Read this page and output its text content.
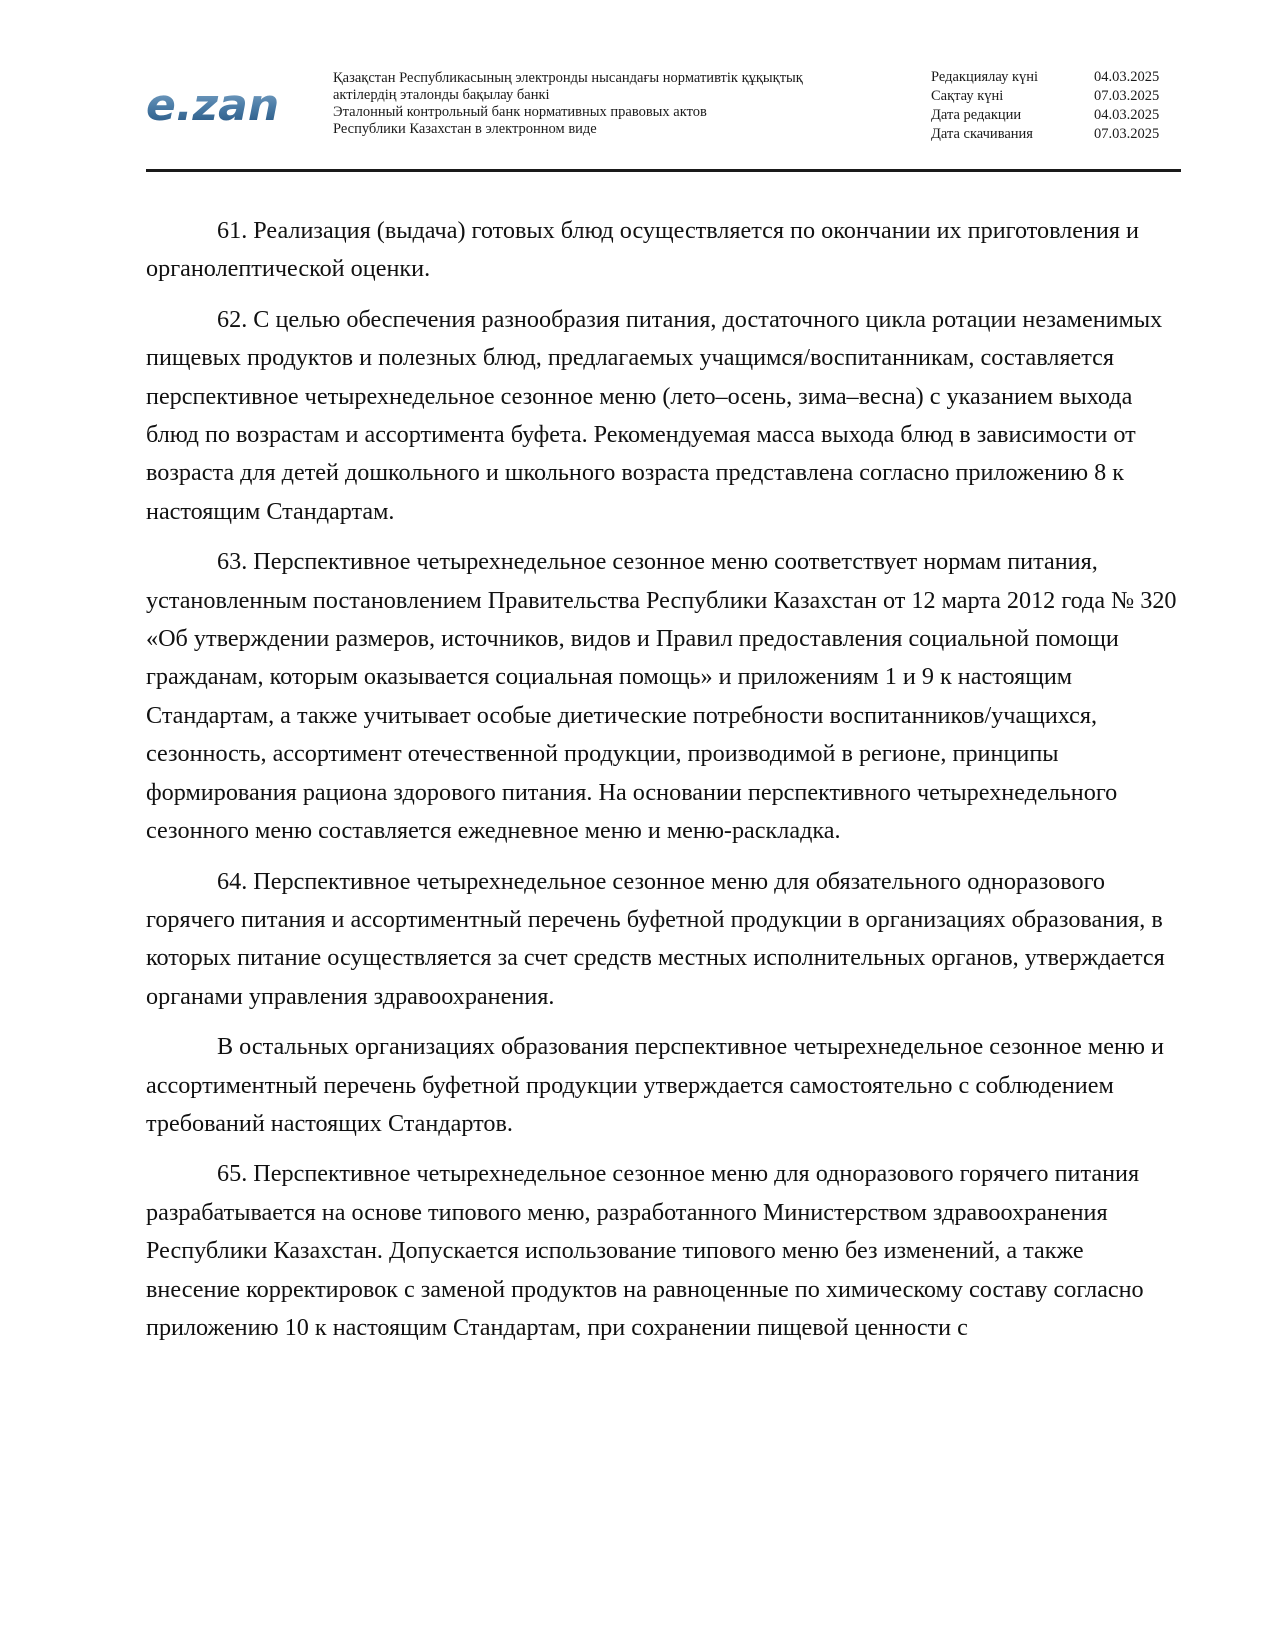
e.zan
Қазақстан Республикасының электронды нысандағы нормативтік құқықтық
актілердің эталонды бақылау банкі
Эталонный контрольный банк нормативных правовых актов
Республики Казахстан в электронном виде
Редакциялау күні	04.03.2025
Сақтау күні	07.03.2025
Дата редакции	04.03.2025
Дата скачивания	07.03.2025

61. Реализация (выдача) готовых блюд осуществляется по окончании их приготовления и органолептической оценки.

62. С целью обеспечения разнообразия питания, достаточного цикла ротации незаменимых пищевых продуктов и полезных блюд, предлагаемых учащимся/воспитанникам, составляется перспективное четырехнедельное сезонное меню (лето–осень, зима–весна) с указанием выхода блюд по возрастам и ассортимента буфета. Рекомендуемая масса выхода блюд в зависимости от возраста для детей дошкольного и школьного возраста представлена согласно приложению 8 к настоящим Стандартам.

63. Перспективное четырехнедельное сезонное меню соответствует нормам питания, установленным постановлением Правительства Республики Казахстан от 12 марта 2012 года № 320 «Об утверждении размеров, источников, видов и Правил предоставления социальной помощи гражданам, которым оказывается социальная помощь» и приложениям 1 и 9 к настоящим Стандартам, а также учитывает особые диетические потребности воспитанников/учащихся, сезонность, ассортимент отечественной продукции, производимой в регионе, принципы формирования рациона здорового питания. На основании перспективного четырехнедельного сезонного меню составляется ежедневное меню и меню-раскладка.

64. Перспективное четырехнедельное сезонное меню для обязательного одноразового горячего питания и ассортиментный перечень буфетной продукции в организациях образования, в которых питание осуществляется за счет средств местных исполнительных органов, утверждается органами управления здравоохранения.

В остальных организациях образования перспективное четырехнедельное сезонное меню и ассортиментный перечень буфетной продукции утверждается самостоятельно с соблюдением требований настоящих Стандартов.

65. Перспективное четырехнедельное сезонное меню для одноразового горячего питания разрабатывается на основе типового меню, разработанного Министерством здравоохранения Республики Казахстан. Допускается использование типового меню без изменений, а также внесение корректировок с заменой продуктов на равноценные по химическому составу согласно приложению 10 к настоящим Стандартам, при сохранении пищевой ценности с
